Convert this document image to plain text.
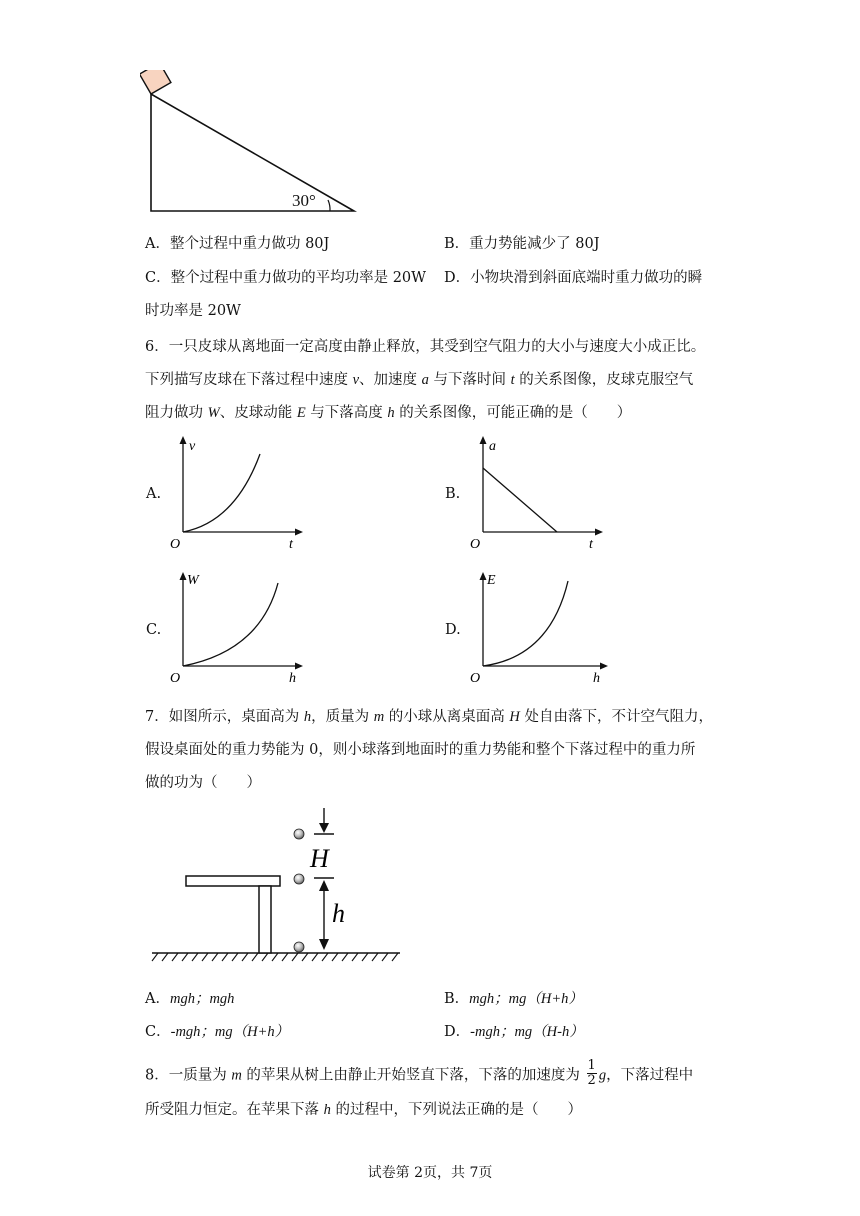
30°
A．整个过程中重力做功 80J	B．重力势能减少了 80J
C．整个过程中重力做功的平均功率是 20W D．小物块滑到斜面底端时重力做功的瞬
时功率是 20W
6．一只皮球从离地面一定高度由静止释放，其受到空气阻力的大小与速度大小成正比。
下列描写皮球在下落过程中速度 v、加速度 a 与下落时间 t 的关系图像，皮球克服空气
阻力做功 W、皮球动能 E 与下落高度 h 的关系图像，可能正确的是（　　）
A.
v
t
O
B.
a
t
O
C.
W
h
O
D.
E
h
O
7．如图所示，桌面高为 h，质量为 m 的小球从离桌面高 H 处自由落下，不计空气阻力，
假设桌面处的重力势能为 0，则小球落到地面时的重力势能和整个下落过程中的重力所
做的功为（　　）
H
h
A．mgh；mgh	B．mgh；mg（H+h）
C．-mgh；mg（H+h）	D．-mgh；mg（H-h）
8．一质量为 m 的苹果从树上由静止开始竖直下落，下落的加速度为 $\frac{1}{2}$ g，下落过程中
所受阻力恒定。在苹果下落 h 的过程中，下列说法正确的是（　　）
试卷第 2页，共 7页
